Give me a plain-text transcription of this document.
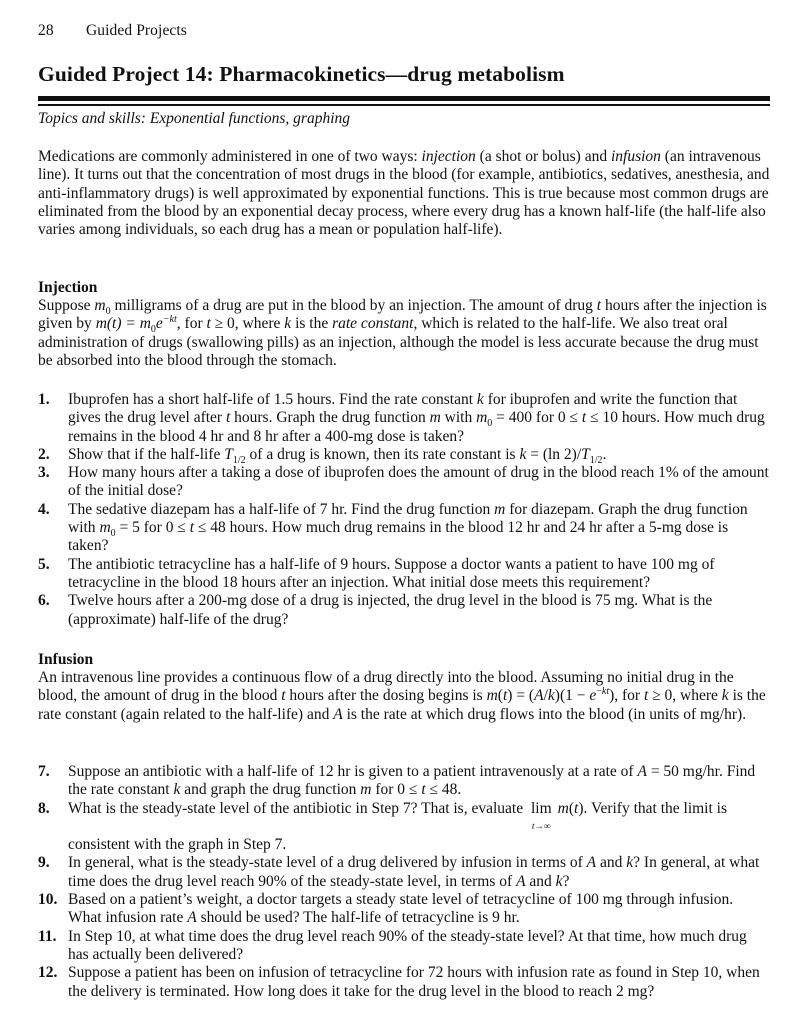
28 Guided Projects
Guided Project 14: Pharmacokinetics—drug metabolism
Topics and skills: Exponential functions, graphing

Medications are commonly administered in one of two ways: injection (a shot or bolus) and infusion (an intravenous line). It turns out that the concentration of most drugs in the blood (for example, antibiotics, sedatives, anesthesia, and anti-inflammatory drugs) is well approximated by exponential functions. This is true because most common drugs are eliminated from the blood by an exponential decay process, where every drug has a known half-life (the half-life also varies among individuals, so each drug has a mean or population half-life).

Injection

Suppose $m_0$ milligrams of a drug are put in the blood by an injection. The amount of drug t hours after the injection is given by $m(t) = m_0e^{-kt}$, for t ≥ 0, where k is the rate constant, which is related to the half-life. We also treat oral administration of drugs (swallowing pills) as an injection, although the model is less accurate because the drug must be absorbed into the blood through the stomach.

1. Ibuprofen has a short half-life of 1.5 hours. Find the rate constant k for ibuprofen and write the function that gives the drug level after t hours. Graph the drug function m with $m_0 = 400$ for 0 ≤ t ≤ 10 hours. How much drug remains in the blood 4 hr and 8 hr after a 400-mg dose is taken?
2. Show that if the half-life $T_{1/2}$ of a drug is known, then its rate constant is k = (ln $2)/T_{1/2}$.
3. How many hours after a taking a dose of ibuprofen does the amount of drug in the blood reach 1% of the amount of the initial dose?
4. The sedative diazepam has a half-life of 7 hr. Find the drug function m for diazepam. Graph the drug function with $m_0 = 5$ for 0 ≤ t ≤ 48 hours. How much drug remains in the blood 12 hr and 24 hr after a 5-mg dose is taken?
5. The antibiotic tetracycline has a half-life of 9 hours. Suppose a doctor wants a patient to have 100 mg of tetracycline in the blood 18 hours after an injection. What initial dose meets this requirement?
6. Twelve hours after a 200-mg dose of a drug is injected, the drug level in the blood is 75 mg. What is the (approximate) half-life of the drug?
Infusion

An intravenous line provides a continuous flow of a drug directly into the blood. Assuming no initial drug in the blood, the amount of drug in the blood t hours after the dosing begins is $m(t) = (A/k)(1 - e^{-kt})$, for t ≥ 0, where k is the rate constant (again related to the half-life) and A is the rate at which drug flows into the blood (in units of mg/hr).

7. Suppose an antibiotic with a half-life of 12 hr is given to a patient intravenously at a rate of A = 50 mg/hr. Find the rate constant k and graph the drug function m for 0 ≤ t ≤ 48.
8. What is the steady-state level of the antibiotic in Step 7? That is, evaluate lim
t→∞
m(t). Verify that the limit is

consistent with the graph in Step 7.
9. In general, what is the steady-state level of a drug delivered by infusion in terms of A and k? In general, at what time does the drug level reach 90% of the steady-state level, in terms of A and k?
10. Based on a patient’s weight, a doctor targets a steady state level of tetracycline of 100 mg through infusion. What infusion rate A should be used? The half-life of tetracycline is 9 hr.
11. In Step 10, at what time does the drug level reach 90% of the steady-state level? At that time, how much drug has actually been delivered?
12. Suppose a patient has been on infusion of tetracycline for 72 hours with infusion rate as found in Step 10, when the delivery is terminated. How long does it take for the drug level in the blood to reach 2 mg?
